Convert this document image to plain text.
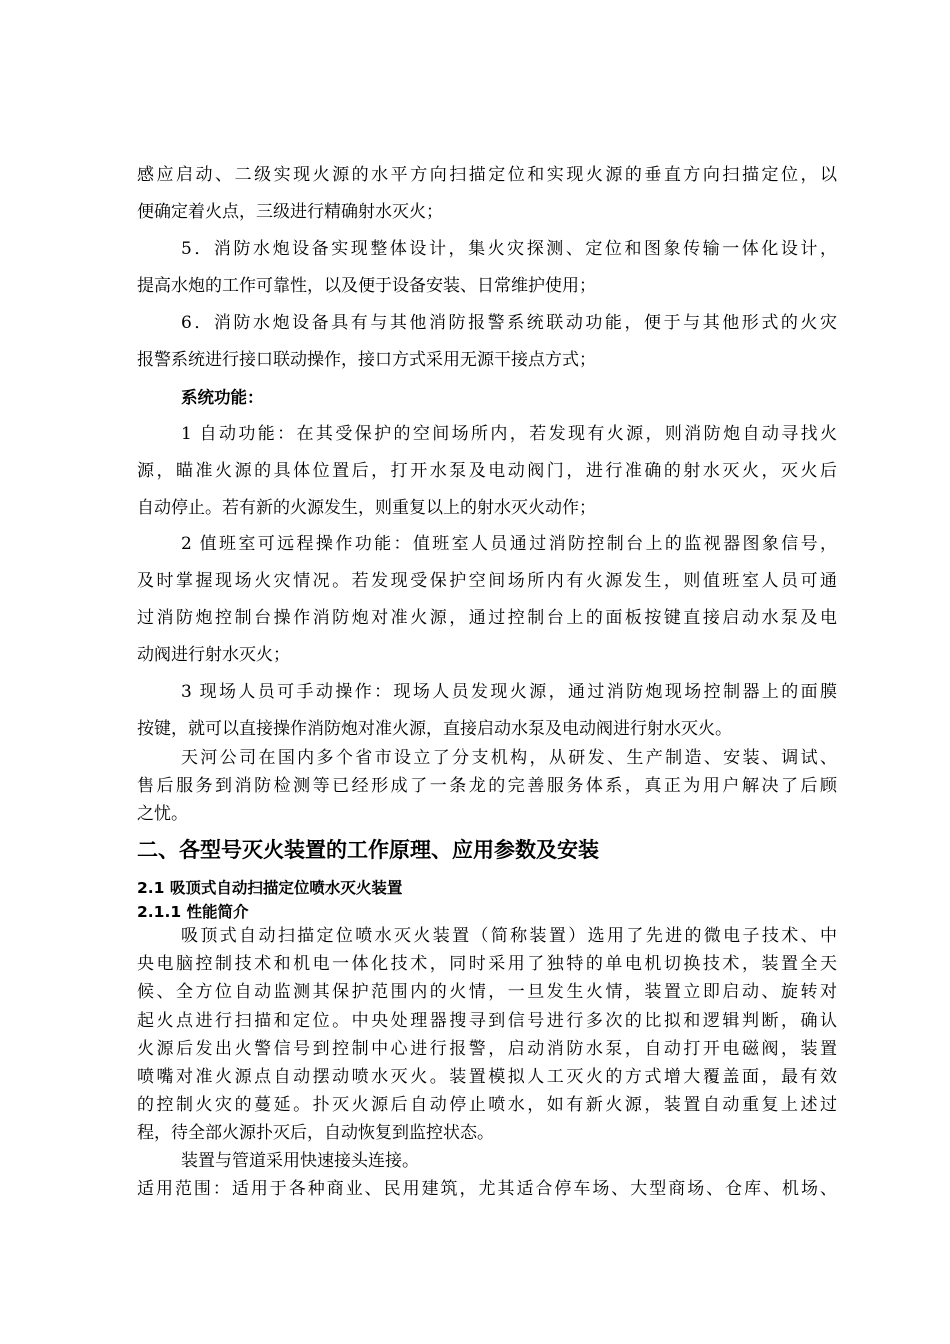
感应启动、二级实现火源的水平方向扫描定位和实现火源的垂直方向扫描定位，以
便确定着火点，三级进行精确射水灭火；
5．消防水炮设备实现整体设计，集火灾探测、定位和图象传输一体化设计，
提高水炮的工作可靠性，以及便于设备安装、日常维护使用；
6．消防水炮设备具有与其他消防报警系统联动功能，便于与其他形式的火灾
报警系统进行接口联动操作，接口方式采用无源干接点方式；
系统功能：
1 自动功能：在其受保护的空间场所内，若发现有火源，则消防炮自动寻找火
源，瞄准火源的具体位置后，打开水泵及电动阀门，进行准确的射水灭火，灭火后
自动停止。若有新的火源发生，则重复以上的射水灭火动作；
2 值班室可远程操作功能：值班室人员通过消防控制台上的监视器图象信号，
及时掌握现场火灾情况。若发现受保护空间场所内有火源发生，则值班室人员可通
过消防炮控制台操作消防炮对准火源，通过控制台上的面板按键直接启动水泵及电
动阀进行射水灭火；
3 现场人员可手动操作：现场人员发现火源，通过消防炮现场控制器上的面膜
按键，就可以直接操作消防炮对准火源，直接启动水泵及电动阀进行射水灭火。
天河公司在国内多个省市设立了分支机构，从研发、生产制造、安装、调试、
售后服务到消防检测等已经形成了一条龙的完善服务体系，真正为用户解决了后顾
之忧。
二、各型号灭火装置的工作原理、应用参数及安装
2.1 吸顶式自动扫描定位喷水灭火装置
2.1.1 性能简介
吸顶式自动扫描定位喷水灭火装置（简称装置）选用了先进的微电子技术、中
央电脑控制技术和机电一体化技术，同时采用了独特的单电机切换技术，装置全天
候、全方位自动监测其保护范围内的火情，一旦发生火情，装置立即启动、旋转对
起火点进行扫描和定位。中央处理器搜寻到信号进行多次的比拟和逻辑判断，确认
火源后发出火警信号到控制中心进行报警，启动消防水泵，自动打开电磁阀，装置
喷嘴对准火源点自动摆动喷水灭火。装置模拟人工灭火的方式增大覆盖面，最有效
的控制火灾的蔓延。扑灭火源后自动停止喷水，如有新火源，装置自动重复上述过
程，待全部火源扑灭后，自动恢复到监控状态。
装置与管道采用快速接头连接。
适用范围：适用于各种商业、民用建筑，尤其适合停车场、大型商场、仓库、机场、
